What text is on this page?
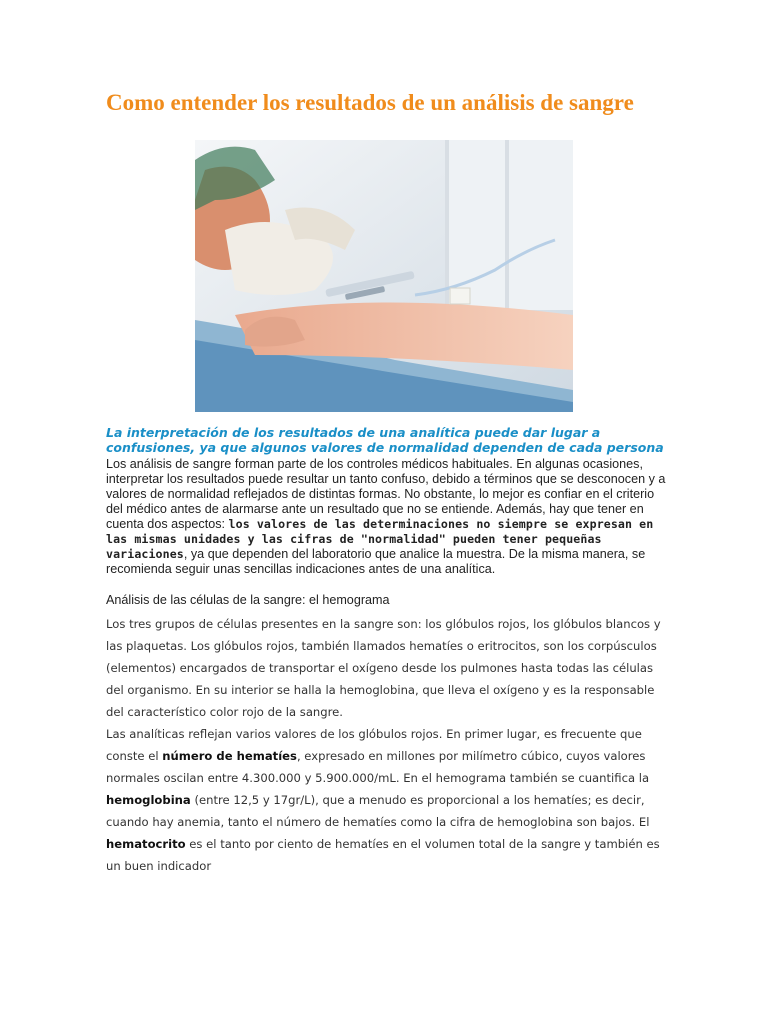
Como entender los resultados de un análisis de sangre

La interpretación de los resultados de una analítica puede dar lugar a confusiones, ya que algunos valores de normalidad dependen de cada persona

Los análisis de sangre forman parte de los controles médicos habituales. En algunas ocasiones, interpretar los resultados puede resultar un tanto confuso, debido a términos que se desconocen y a valores de normalidad reflejados de distintas formas. No obstante, lo mejor es confiar en el criterio del médico antes de alarmarse ante un resultado que no se entiende. Además, hay que tener en cuenta dos aspectos: los valores de las determinaciones no siempre se expresan en las mismas unidades y las cifras de "normalidad" pueden tener pequeñas variaciones, ya que dependen del laboratorio que analice la muestra. De la misma manera, se recomienda seguir unas sencillas indicaciones antes de una analítica.

Análisis de las células de la sangre: el hemograma

Los tres grupos de células presentes en la sangre son: los glóbulos rojos, los glóbulos blancos y las plaquetas. Los glóbulos rojos, también llamados hematíes o eritrocitos, son los corpúsculos (elementos) encargados de transportar el oxígeno desde los pulmones hasta todas las células del organismo. En su interior se halla la hemoglobina, que lleva el oxígeno y es la responsable del característico color rojo de la sangre.
Las analíticas reflejan varios valores de los glóbulos rojos. En primer lugar, es frecuente que conste el número de hematíes, expresado en millones por milímetro cúbico, cuyos valores normales oscilan entre 4.300.000 y 5.900.000/mL. En el hemograma también se cuantifica la hemoglobina (entre 12,5 y 17gr/L), que a menudo es proporcional a los hematíes; es decir, cuando hay anemia, tanto el número de hematíes como la cifra de hemoglobina son bajos. El hematocrito es el tanto por ciento de hematíes en el volumen total de la sangre y también es un buen indicador
